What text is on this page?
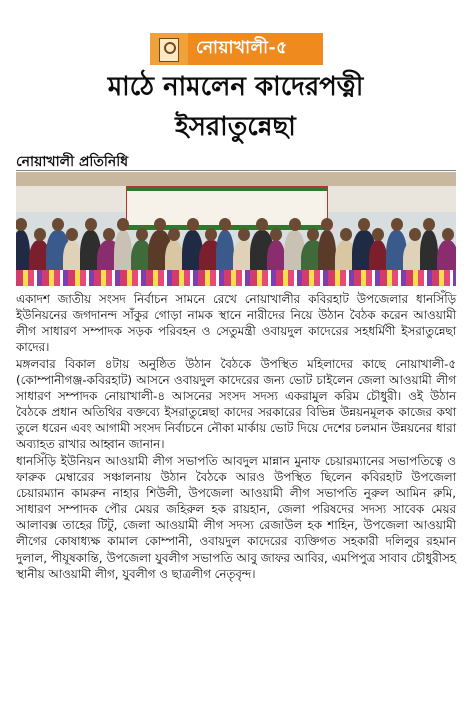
নোয়াখালী-৫
মাঠে নামলেন কাদেরপত্নী
ইসরাতুন্নেছা
নোয়াখালী প্রতিনিধি
একাদশ জাতীয় সংসদ নির্বাচন সামনে রেখে নোয়াখালীর কবিরহাট উপজেলার ধানসিঁড়ি ইউনিয়নের জগদানন্দ সাঁকুর গোড়া নামক স্থানে নারীদের নিয়ে উঠান বৈঠক করেন আওয়ামী লীগ সাধারণ সম্পাদক সড়ক পরিবহন ও সেতুমন্ত্রী ওবায়দুল কাদেরের সহধর্মিণী ইসরাতুন্নেছা কাদের।
মঙ্গলবার বিকাল ৪টায় অনুষ্ঠিত উঠান বৈঠকে উপস্থিত মহিলাদের কাছে নোয়াখালী-৫ (কোম্পানীগঞ্জ-কবিরহাট) আসনে ওবায়দুল কাদেরের জন্য ভোট চাইলেন জেলা আওয়ামী লীগ সাধারণ সম্পাদক নোয়াখালী-৪ আসনের সংসদ সদস্য একরামুল করিম চৌধুরী। ওই উঠান বৈঠকে প্রধান অতিথির বক্তব্যে ইসরাতুন্নেছা কাদের সরকারের বিভিন্ন উন্নয়নমূলক কাজের কথা তুলে ধরেন এবং আগামী সংসদ নির্বাচনে নৌকা মার্কায় ভোট দিয়ে দেশের চলমান উন্নয়নের ধারা অব্যাহত রাখার আহ্বান জানান।
ধানসিঁড়ি ইউনিয়ন আওয়ামী লীগ সভাপতি আবদুল মান্নান মুনাফ চেয়ারম্যানের সভাপতিত্বে ও ফারুক মেম্বারের সঞ্চালনায় উঠান বৈঠকে আরও উপস্থিত ছিলেন কবিরহাট উপজেলা চেয়ারম্যান কামরুন নাহার শিউলী, উপজেলা আওয়ামী লীগ সভাপতি নুরুল আমিন রুমি, সাধারণ সম্পাদক পৌর মেয়র জহিরুল হক রায়হান, জেলা পরিষদের সদস্য সাবেক মেয়র আলাবক্স তাহের টিটু, জেলা আওয়ামী লীগ সদস্য রেজাউল হক শাহিন, উপজেলা আওয়ামী লীগের কোষাধ্যক্ষ কামাল কোম্পানী, ওবায়দুল কাদেরের ব্যক্তিগত সহকারী দলিলুর রহমান দুলাল, পীযূষকান্তি, উপজেলা যুবলীগ সভাপতি আবু জাফর আবির, এমপিপুত্র সাবাব চৌধুরীসহ স্থানীয় আওয়ামী লীগ, যুবলীগ ও ছাত্রলীগ নেতৃবৃন্দ।
